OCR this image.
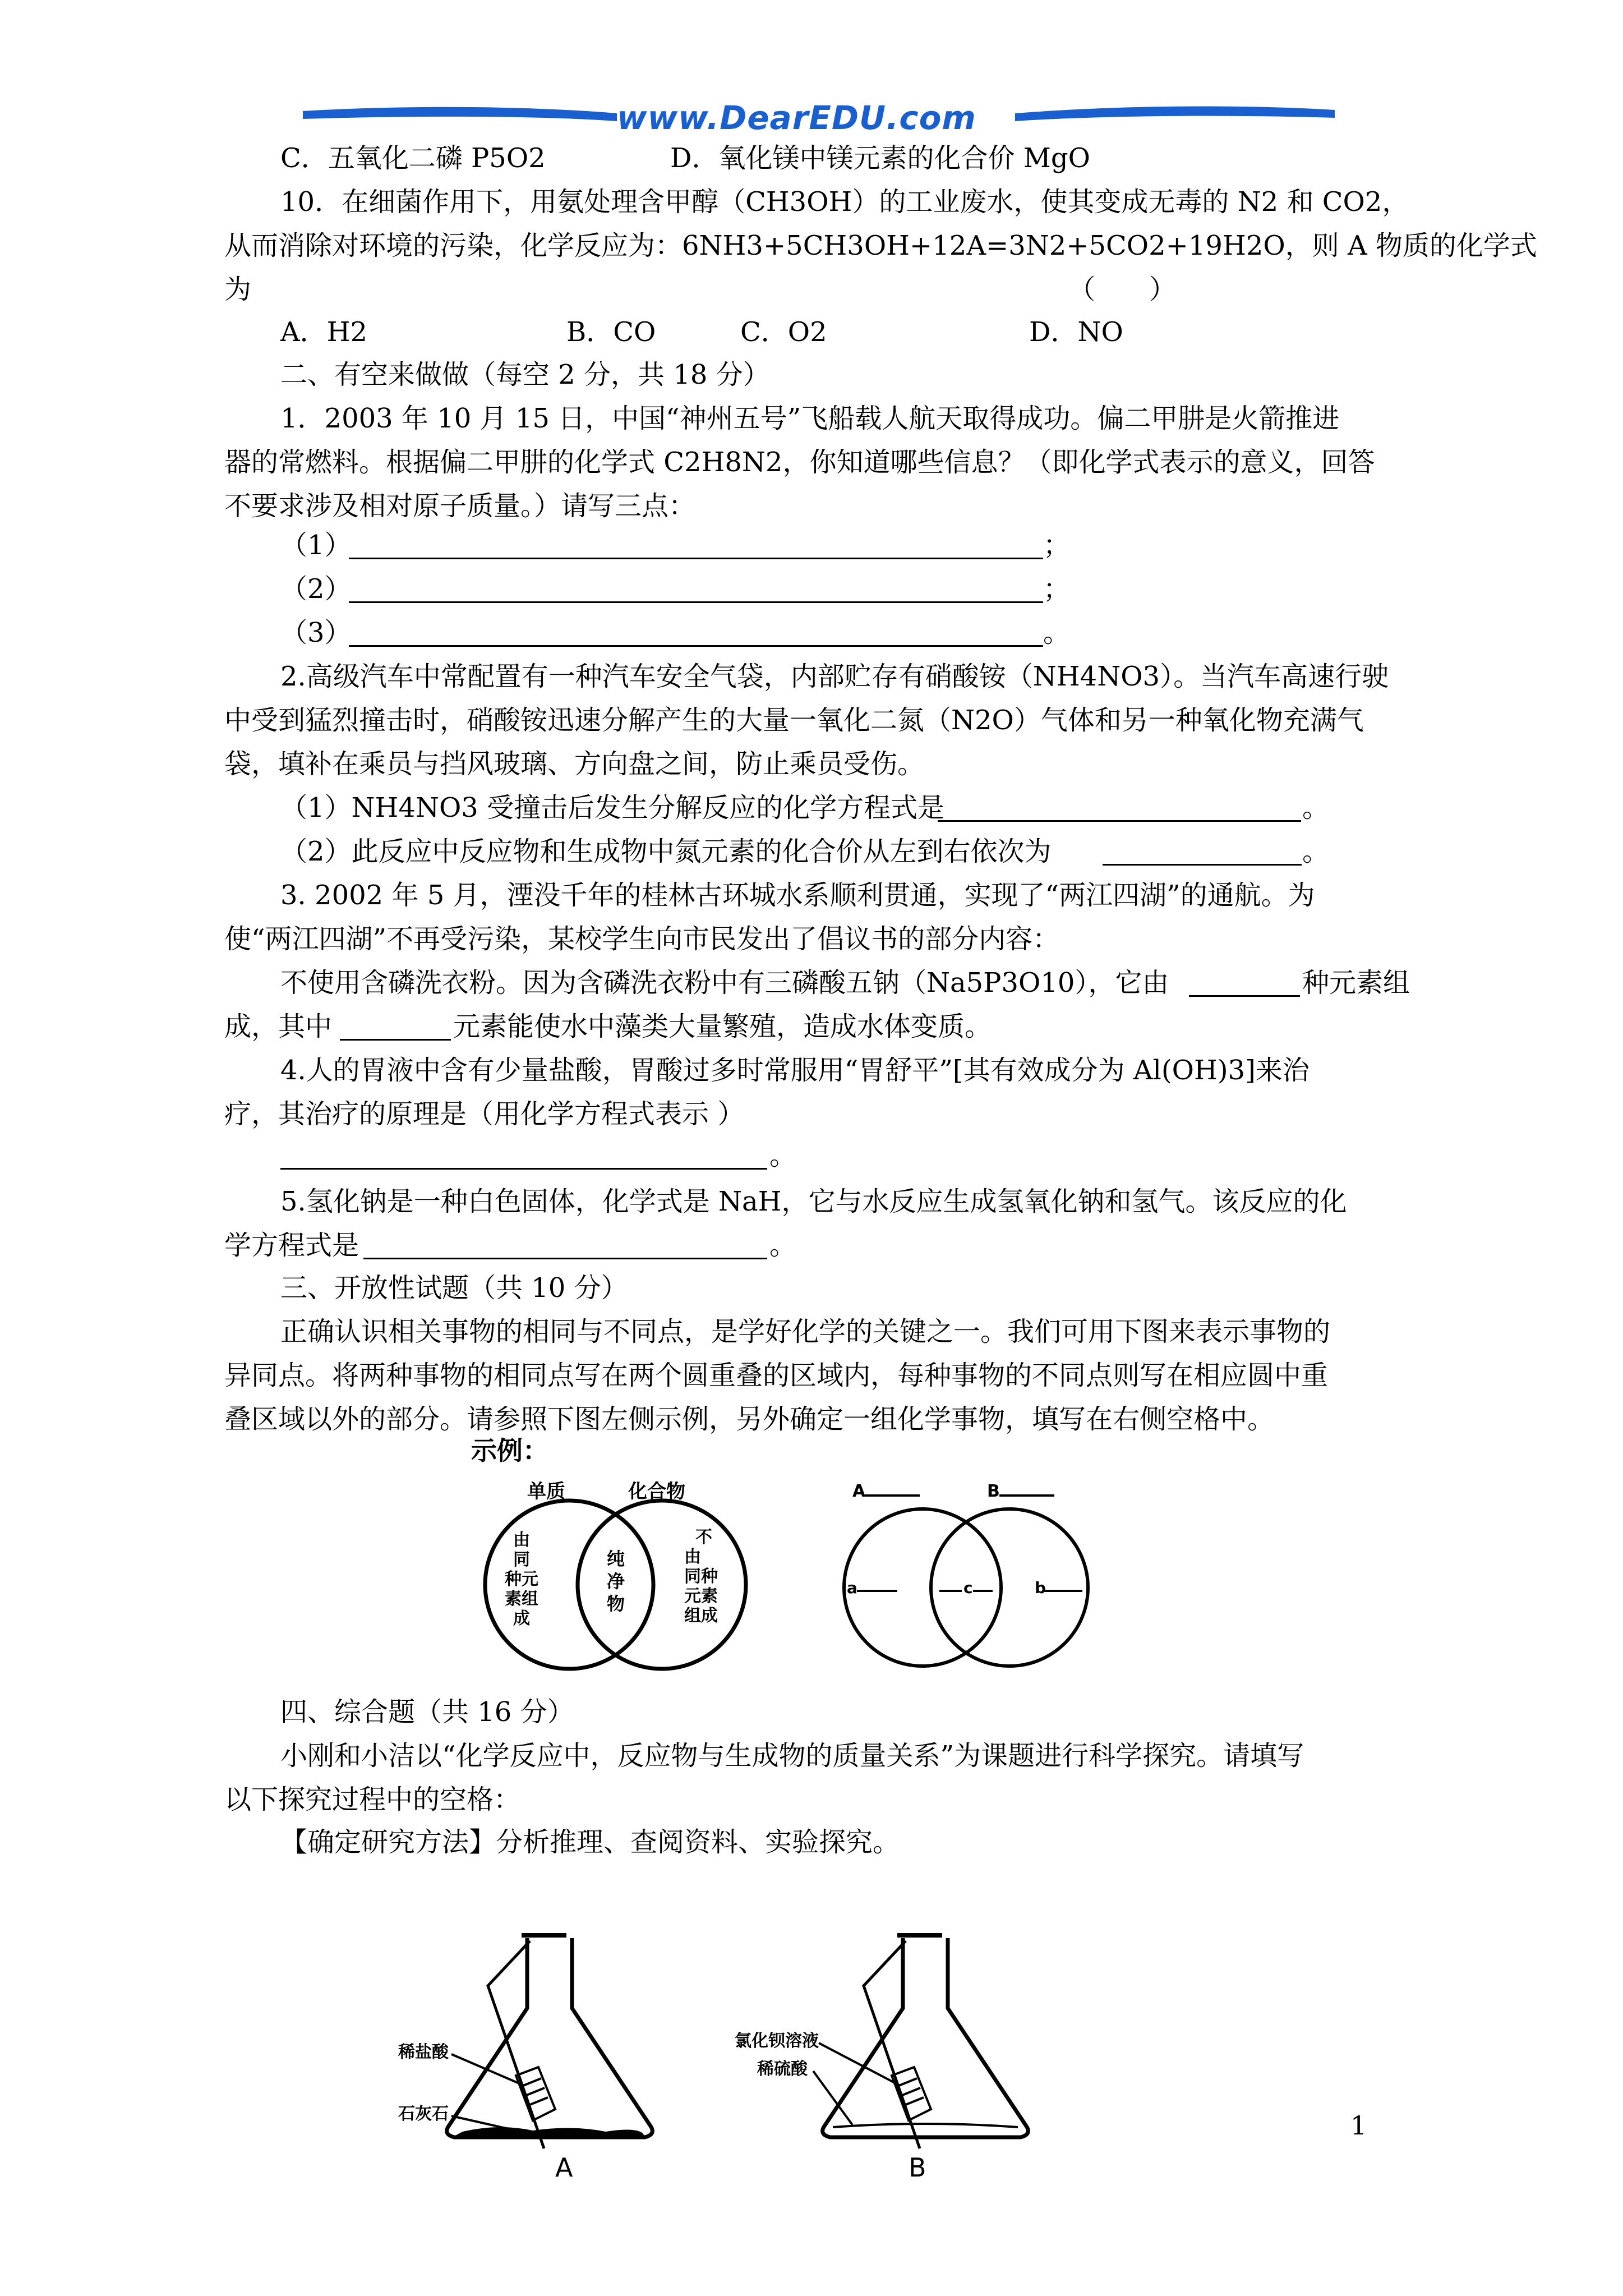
www.DearEDU.com
C．五氧化二磷 P5O2	D．氧化镁中镁元素的化合价 MgO
10．在细菌作用下，用氨处理含甲醇（CH3OH）的工业废水，使其变成无毒的 N2 和 CO2，
从而消除对环境的污染，化学反应为：6NH3+5CH3OH+12A=3N2+5CO2+19H2O，则 A 物质的化学式
为	（　　）
A．H2	B．CO	C．O2	D．NO
二、有空来做做（每空 2 分，共 18 分）
1．2003 年 10 月 15 日，中国“神州五号”飞船载人航天取得成功。偏二甲肼是火箭推进
器的常燃料。根据偏二甲肼的化学式 C2H8N2，你知道哪些信息？（即化学式表示的意义，回答
不要求涉及相对原子质量。）请写三点：
（1）	；
（2）	；
（3）	。
2.高级汽车中常配置有一种汽车安全气袋，内部贮存有硝酸铵（NH4NO3）。当汽车高速行驶
中受到猛烈撞击时，硝酸铵迅速分解产生的大量一氧化二氮（N2O）气体和另一种氧化物充满气
袋，填补在乘员与挡风玻璃、方向盘之间，防止乘员受伤。
（1）NH4NO3 受撞击后发生分解反应的化学方程式是	。
（2）此反应中反应物和生成物中氮元素的化合价从左到右依次为	。
3. 2002 年 5 月，湮没千年的桂林古环城水系顺利贯通，实现了“两江四湖”的通航。为
使“两江四湖”不再受污染，某校学生向市民发出了倡议书的部分内容：
不使用含磷洗衣粉。因为含磷洗衣粉中有三磷酸五钠（Na5P3O10），它由	种元素组
成，其中	元素能使水中藻类大量繁殖，造成水体变质。
4.人的胃液中含有少量盐酸，胃酸过多时常服用“胃舒平”[其有效成分为 Al(OH)3]来治
疗，其治疗的原理是（用化学方程式表示 ）
。
5.氢化钠是一种白色固体，化学式是 NaH，它与水反应生成氢氧化钠和氢气。该反应的化
学方程式是	。
三、开放性试题（共 10 分）
正确认识相关事物的相同与不同点，是学好化学的关键之一。我们可用下图来表示事物的
异同点。将两种事物的相同点写在两个圆重叠的区域内，每种事物的不同点则写在相应圆中重
叠区域以外的部分。请参照下图左侧示例，另外确定一组化学事物，填写在右侧空格中。
示例：
单质	化合物
由
同
种元
素组
成
纯
净
物
不
由
同种
元素
组成
A	B
a	c	b
四、综合题（共 16 分）
小刚和小洁以“化学反应中，反应物与生成物的质量关系”为课题进行科学探究。请填写
以下探究过程中的空格：
【确定研究方法】分析推理、查阅资料、实验探究。
稀盐酸
石灰石
A
氯化钡溶液
稀硫酸
B
1
